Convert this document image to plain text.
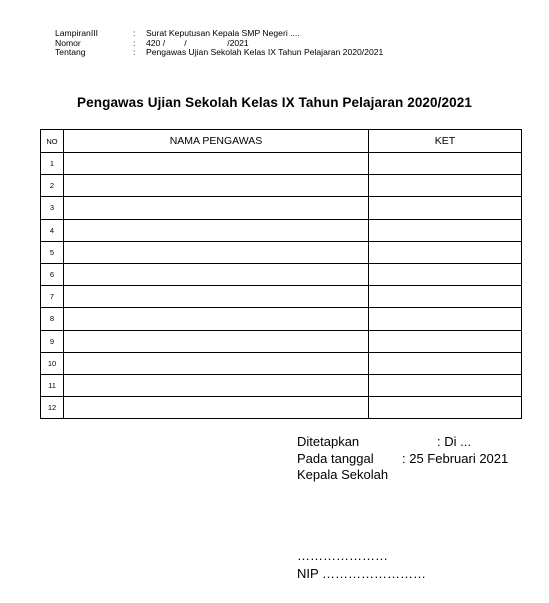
LampiranIII	:	Surat Keputusan Kepala SMP Negeri ....
Nomor	:	420 /        /                 /2021
Tentang	:	Pengawas Ujian Sekolah Kelas IX Tahun Pelajaran 2020/2021
Pengawas Ujian Sekolah Kelas IX Tahun Pelajaran 2020/2021
NO	NAMA PENGAWAS	KET
1		
2		
3		
4		
5		
6		
7		
8		
9		
10		
11		
12		
Ditetapkan	: Di ...
Pada tanggal : 25 Februari 2021
Kepala Sekolah
…………………
NIP ……………………
